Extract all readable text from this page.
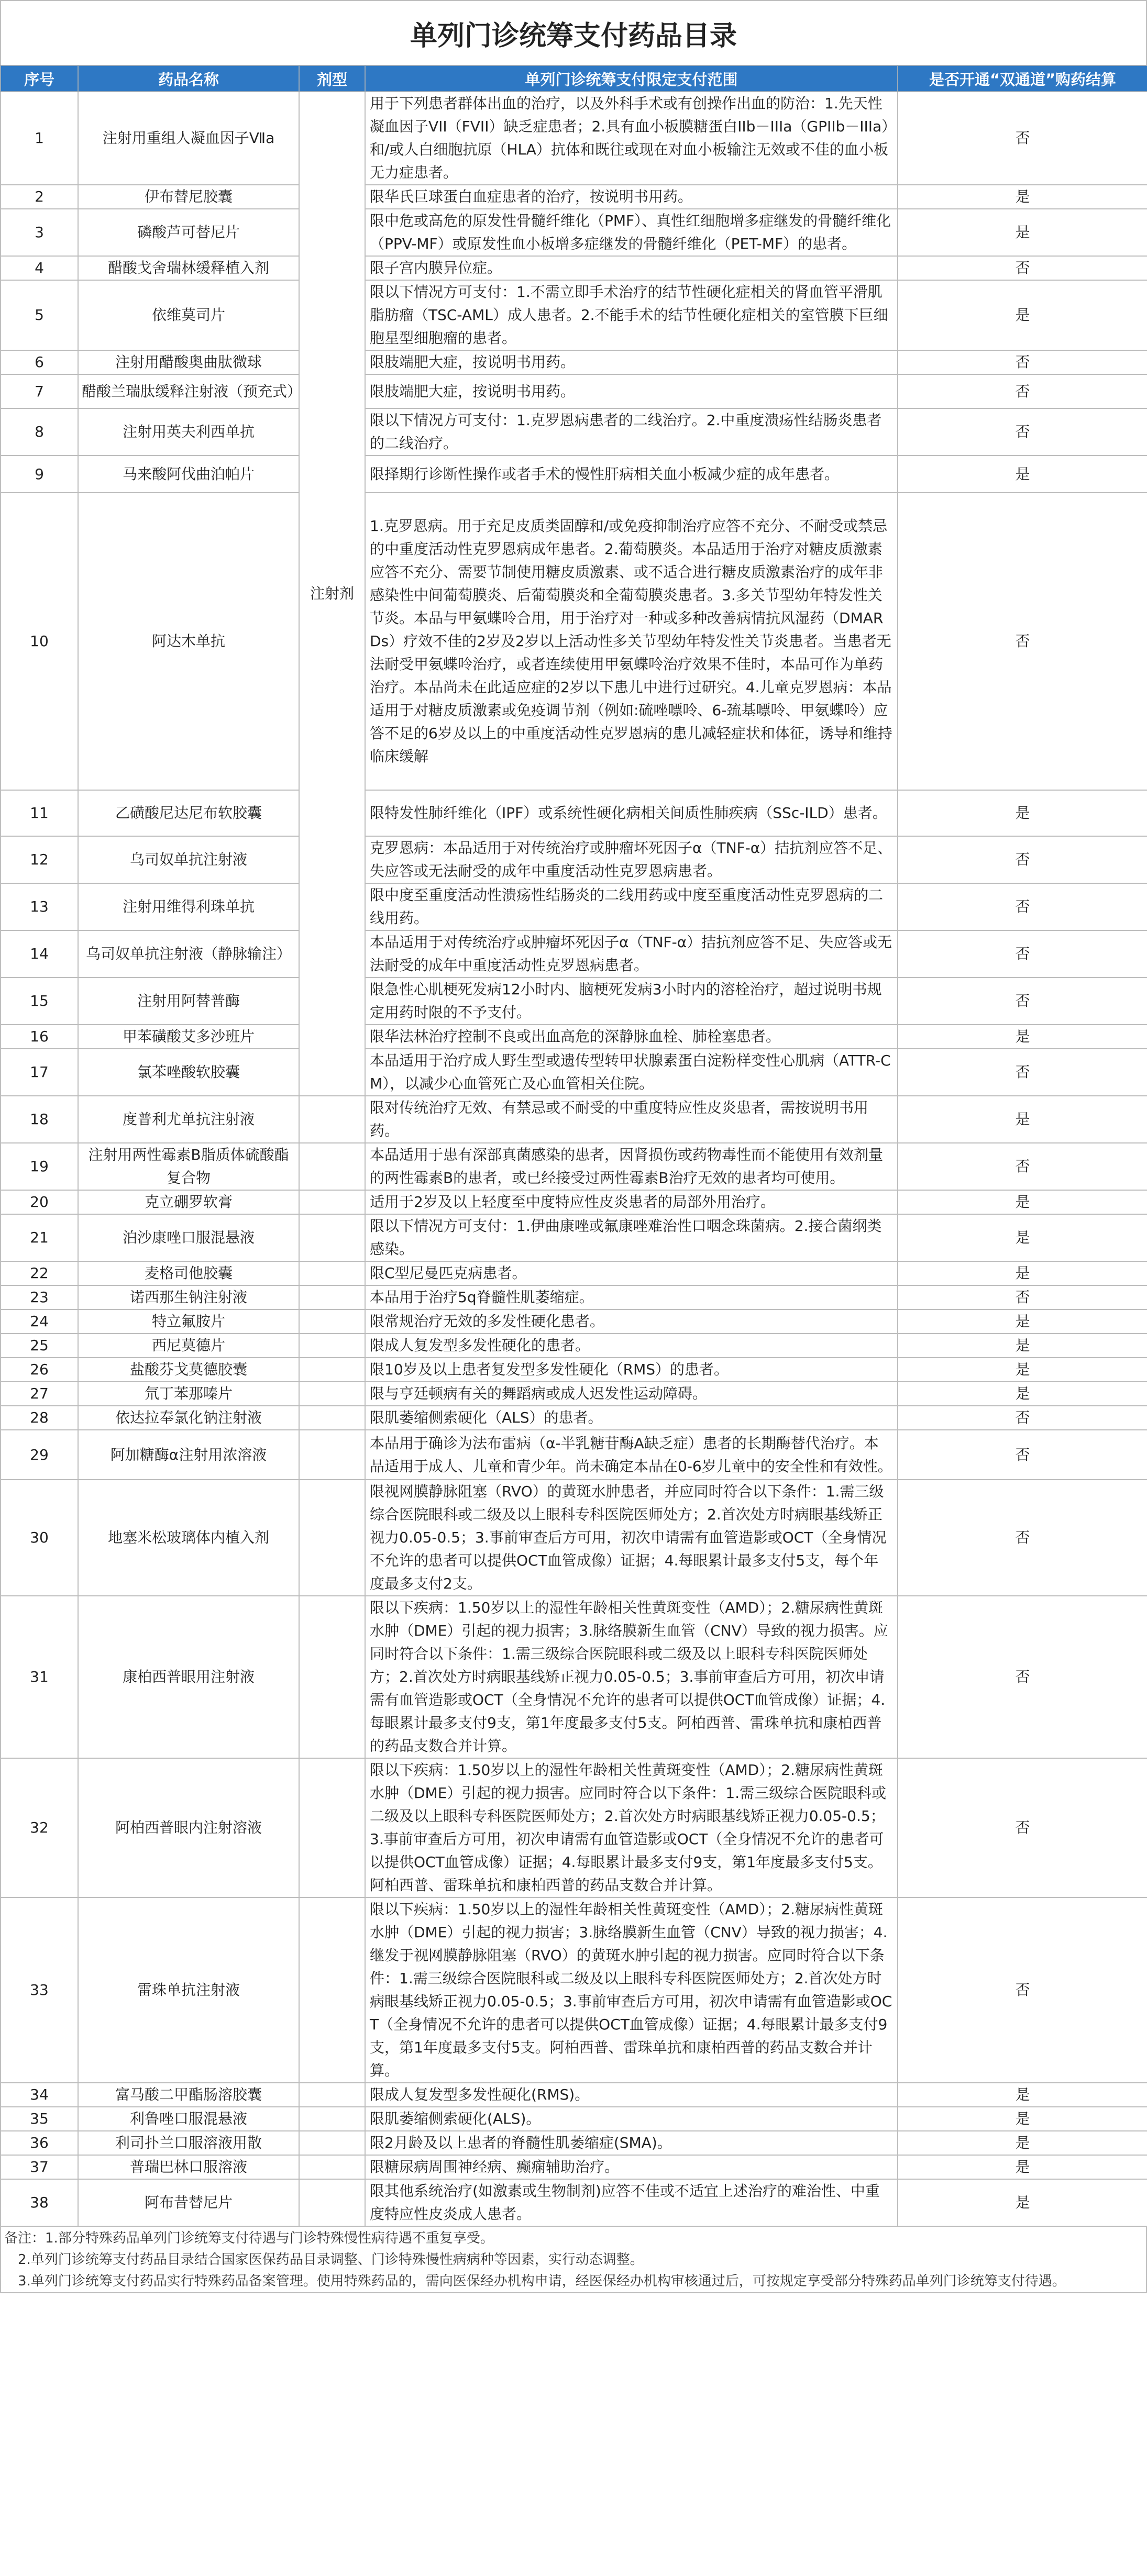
单列门诊统筹支付药品目录
序号	药品名称	剂型	单列门诊统筹支付限定支付范围	是否开通“双通道”购药结算
1	注射用重组人凝血因子Ⅶa	注射剂	用于下列患者群体出血的治疗，以及外科手术或有创操作出血的防治：1.先天性凝血因子VII（FVII）缺乏症患者；2.具有血小板膜糖蛋白IIb－IIIa（GPIIb－IIIa）和/或人白细胞抗原（HLA）抗体和既往或现在对血小板输注无效或不佳的血小板无力症患者。	否
2	伊布替尼胶囊		限华氏巨球蛋白血症患者的治疗，按说明书用药。	是
3	磷酸芦可替尼片		限中危或高危的原发性骨髓纤维化（PMF）、真性红细胞增多症继发的骨髓纤维化（PPV-MF）或原发性血小板增多症继发的骨髓纤维化（PET-MF）的患者。	是
4	醋酸戈舍瑞林缓释植入剂		限子宫内膜异位症。	否
5	依维莫司片		限以下情况方可支付：1.不需立即手术治疗的结节性硬化症相关的肾血管平滑肌脂肪瘤（TSC-AML）成人患者。2.不能手术的结节性硬化症相关的室管膜下巨细胞星型细胞瘤的患者。	是
6	注射用醋酸奥曲肽微球		限肢端肥大症，按说明书用药。	否
7	醋酸兰瑞肽缓释注射液（预充式）		限肢端肥大症，按说明书用药。	否
8	注射用英夫利西单抗		限以下情况方可支付：1.克罗恩病患者的二线治疗。2.中重度溃疡性结肠炎患者的二线治疗。	否
9	马来酸阿伐曲泊帕片		限择期行诊断性操作或者手术的慢性肝病相关血小板减少症的成年患者。	是
10	阿达木单抗		1.克罗恩病。用于充足皮质类固醇和/或免疫抑制治疗应答不充分、不耐受或禁忌的中重度活动性克罗恩病成年患者。2.葡萄膜炎。本品适用于治疗对糖皮质激素应答不充分、需要节制使用糖皮质激素、或不适合进行糖皮质激素治疗的成年非感染性中间葡萄膜炎、后葡萄膜炎和全葡萄膜炎患者。3.多关节型幼年特发性关节炎。本品与甲氨蝶呤合用，用于治疗对一种或多种改善病情抗风湿药（DMARDs）疗效不佳的2岁及2岁以上活动性多关节型幼年特发性关节炎患者。当患者无法耐受甲氨蝶呤治疗，或者连续使用甲氨蝶呤治疗效果不佳时，本品可作为单药治疗。本品尚未在此适应症的2岁以下患儿中进行过研究。4.儿童克罗恩病：本品适用于对糖皮质激素或免疫调节剂（例如:硫唑嘌呤、6-巯基嘌呤、甲氨蝶呤）应答不足的6岁及以上的中重度活动性克罗恩病的患儿减轻症状和体征，诱导和维持临床缓解	否
11	乙磺酸尼达尼布软胶囊		限特发性肺纤维化（IPF）或系统性硬化病相关间质性肺疾病（SSc-ILD）患者。	是
12	乌司奴单抗注射液		克罗恩病：本品适用于对传统治疗或肿瘤坏死因子α（TNF-α）拮抗剂应答不足、失应答或无法耐受的成年中重度活动性克罗恩病患者。	否
13	注射用维得利珠单抗		限中度至重度活动性溃疡性结肠炎的二线用药或中度至重度活动性克罗恩病的二线用药。	否
14	乌司奴单抗注射液（静脉输注）		本品适用于对传统治疗或肿瘤坏死因子α（TNF-α）拮抗剂应答不足、失应答或无法耐受的成年中重度活动性克罗恩病患者。	否
15	注射用阿替普酶		限急性心肌梗死发病12小时内、脑梗死发病3小时内的溶栓治疗，超过说明书规定用药时限的不予支付。	否
16	甲苯磺酸艾多沙班片		限华法林治疗控制不良或出血高危的深静脉血栓、肺栓塞患者。	是
17	氯苯唑酸软胶囊		本品适用于治疗成人野生型或遗传型转甲状腺素蛋白淀粉样变性心肌病（ATTR-CM），以减少心血管死亡及心血管相关住院。	否
18	度普利尤单抗注射液		限对传统治疗无效、有禁忌或不耐受的中重度特应性皮炎患者，需按说明书用药。	是
19	注射用两性霉素B脂质体硫酸酯复合物		本品适用于患有深部真菌感染的患者，因肾损伤或药物毒性而不能使用有效剂量的两性霉素B的患者，或已经接受过两性霉素B治疗无效的患者均可使用。	否
20	克立硼罗软膏		适用于2岁及以上轻度至中度特应性皮炎患者的局部外用治疗。	是
21	泊沙康唑口服混悬液		限以下情况方可支付：1.伊曲康唑或氟康唑难治性口咽念珠菌病。2.接合菌纲类感染。	是
22	麦格司他胶囊		限C型尼曼匹克病患者。	是
23	诺西那生钠注射液		本品用于治疗5q脊髓性肌萎缩症。	否
24	特立氟胺片		限常规治疗无效的多发性硬化患者。	是
25	西尼莫德片		限成人复发型多发性硬化的患者。	是
26	盐酸芬戈莫德胶囊		限10岁及以上患者复发型多发性硬化（RMS）的患者。	是
27	氘丁苯那嗪片		限与亨廷顿病有关的舞蹈病或成人迟发性运动障碍。	是
28	依达拉奉氯化钠注射液		限肌萎缩侧索硬化（ALS）的患者。	否
29	阿加糖酶α注射用浓溶液		本品用于确诊为法布雷病（α-半乳糖苷酶A缺乏症）患者的长期酶替代治疗。本品适用于成人、儿童和青少年。尚未确定本品在0-6岁儿童中的安全性和有效性。	否
30	地塞米松玻璃体内植入剂		限视网膜静脉阻塞（RVO）的黄斑水肿患者，并应同时符合以下条件：1.需三级综合医院眼科或二级及以上眼科专科医院医师处方；2.首次处方时病眼基线矫正视力0.05-0.5；3.事前审查后方可用，初次申请需有血管造影或OCT（全身情况不允许的患者可以提供OCT血管成像）证据；4.每眼累计最多支付5支，每个年度最多支付2支。	否
31	康柏西普眼用注射液		限以下疾病：1.50岁以上的湿性年龄相关性黄斑变性（AMD）；2.糖尿病性黄斑水肿（DME）引起的视力损害；3.脉络膜新生血管（CNV）导致的视力损害。应同时符合以下条件：1.需三级综合医院眼科或二级及以上眼科专科医院医师处方；2.首次处方时病眼基线矫正视力0.05-0.5；3.事前审查后方可用，初次申请需有血管造影或OCT（全身情况不允许的患者可以提供OCT血管成像）证据；4.每眼累计最多支付9支，第1年度最多支付5支。阿柏西普、雷珠单抗和康柏西普的药品支数合并计算。	否
32	阿柏西普眼内注射溶液		限以下疾病：1.50岁以上的湿性年龄相关性黄斑变性（AMD）；2.糖尿病性黄斑水肿（DME）引起的视力损害。应同时符合以下条件：1.需三级综合医院眼科或二级及以上眼科专科医院医师处方；2.首次处方时病眼基线矫正视力0.05-0.5；3.事前审查后方可用，初次申请需有血管造影或OCT（全身情况不允许的患者可以提供OCT血管成像）证据；4.每眼累计最多支付9支，第1年度最多支付5支。阿柏西普、雷珠单抗和康柏西普的药品支数合并计算。	否
33	雷珠单抗注射液		限以下疾病：1.50岁以上的湿性年龄相关性黄斑变性（AMD）；2.糖尿病性黄斑水肿（DME）引起的视力损害；3.脉络膜新生血管（CNV）导致的视力损害；4.继发于视网膜静脉阻塞（RVO）的黄斑水肿引起的视力损害。应同时符合以下条件：1.需三级综合医院眼科或二级及以上眼科专科医院医师处方；2.首次处方时病眼基线矫正视力0.05-0.5；3.事前审查后方可用，初次申请需有血管造影或OCT（全身情况不允许的患者可以提供OCT血管成像）证据；4.每眼累计最多支付9支，第1年度最多支付5支。阿柏西普、雷珠单抗和康柏西普的药品支数合并计算。	否
34	富马酸二甲酯肠溶胶囊		限成人复发型多发性硬化(RMS)。	是
35	利鲁唑口服混悬液		限肌萎缩侧索硬化(ALS)。	是
36	利司扑兰口服溶液用散		限2月龄及以上患者的脊髓性肌萎缩症(SMA)。	是
37	普瑞巴林口服溶液		限糖尿病周围神经病、癫痫辅助治疗。	是
38	阿布昔替尼片		限其他系统治疗(如激素或生物制剂)应答不佳或不适宜上述治疗的难治性、中重度特应性皮炎成人患者。	是
备注：1.部分特殊药品单列门诊统筹支付待遇与门诊特殊慢性病待遇不重复享受。
2.单列门诊统筹支付药品目录结合国家医保药品目录调整、门诊特殊慢性病病种等因素，实行动态调整。
3.单列门诊统筹支付药品实行特殊药品备案管理。使用特殊药品的，需向医保经办机构申请，经医保经办机构审核通过后，可按规定享受部分特殊药品单列门诊统筹支付待遇。
